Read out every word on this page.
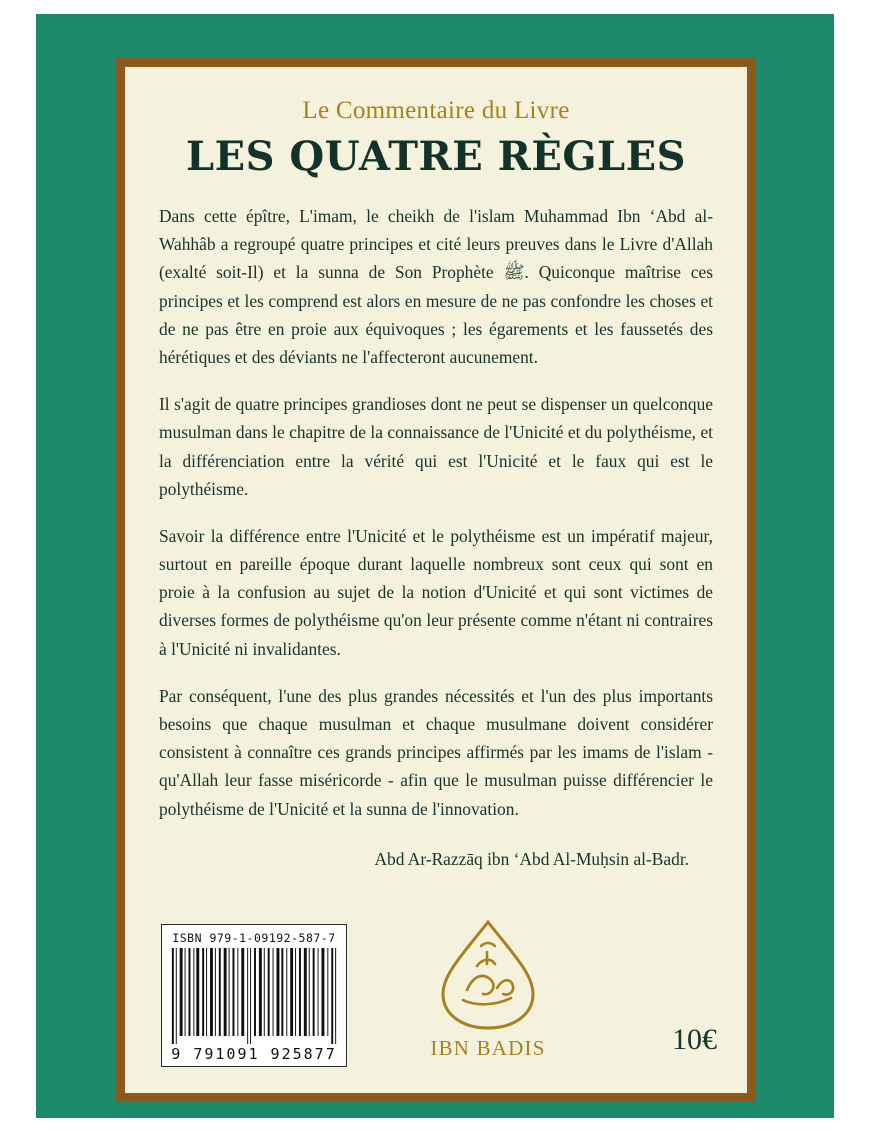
Le Commentaire du Livre
LES QUATRE RÈGLES

Dans cette épître, L'imam, le cheikh de l'islam Muhammad Ibn ‘Abd al-Wahhâb a regroupé quatre principes et cité leurs preuves dans le Livre d'Allah (exalté soit-Il) et la sunna de Son Prophète ﷺ. Quiconque maîtrise ces principes et les comprend est alors en mesure de ne pas confondre les choses et de ne pas être en proie aux équivoques ; les égarements et les faussetés des hérétiques et des déviants ne l'affecteront aucunement.

Il s'agit de quatre principes grandioses dont ne peut se dispenser un quelconque musulman dans le chapitre de la connaissance de l'Unicité et du polythéisme, et la différenciation entre la vérité qui est l'Unicité et le faux qui est le polythéisme.

Savoir la différence entre l'Unicité et le polythéisme est un impératif majeur, surtout en pareille époque durant laquelle nombreux sont ceux qui sont en proie à la confusion au sujet de la notion d'Unicité et qui sont victimes de diverses formes de polythéisme qu'on leur présente comme n'étant ni contraires à l'Unicité ni invalidantes.

Par conséquent, l'une des plus grandes nécessités et l'un des plus importants besoins que chaque musulman et chaque musulmane doivent considérer consistent à connaître ces grands principes affirmés par les imams de l'islam - qu'Allah leur fasse miséricorde - afin que le musulman puisse différencier le polythéisme de l'Unicité et la sunna de l'innovation.

Abd Ar-Razzāq ibn ‘Abd Al-Muḥsin al-Badr.
ISBN 979-1-09192-587-7
9 791091 925877	IBN BADIS	10€
